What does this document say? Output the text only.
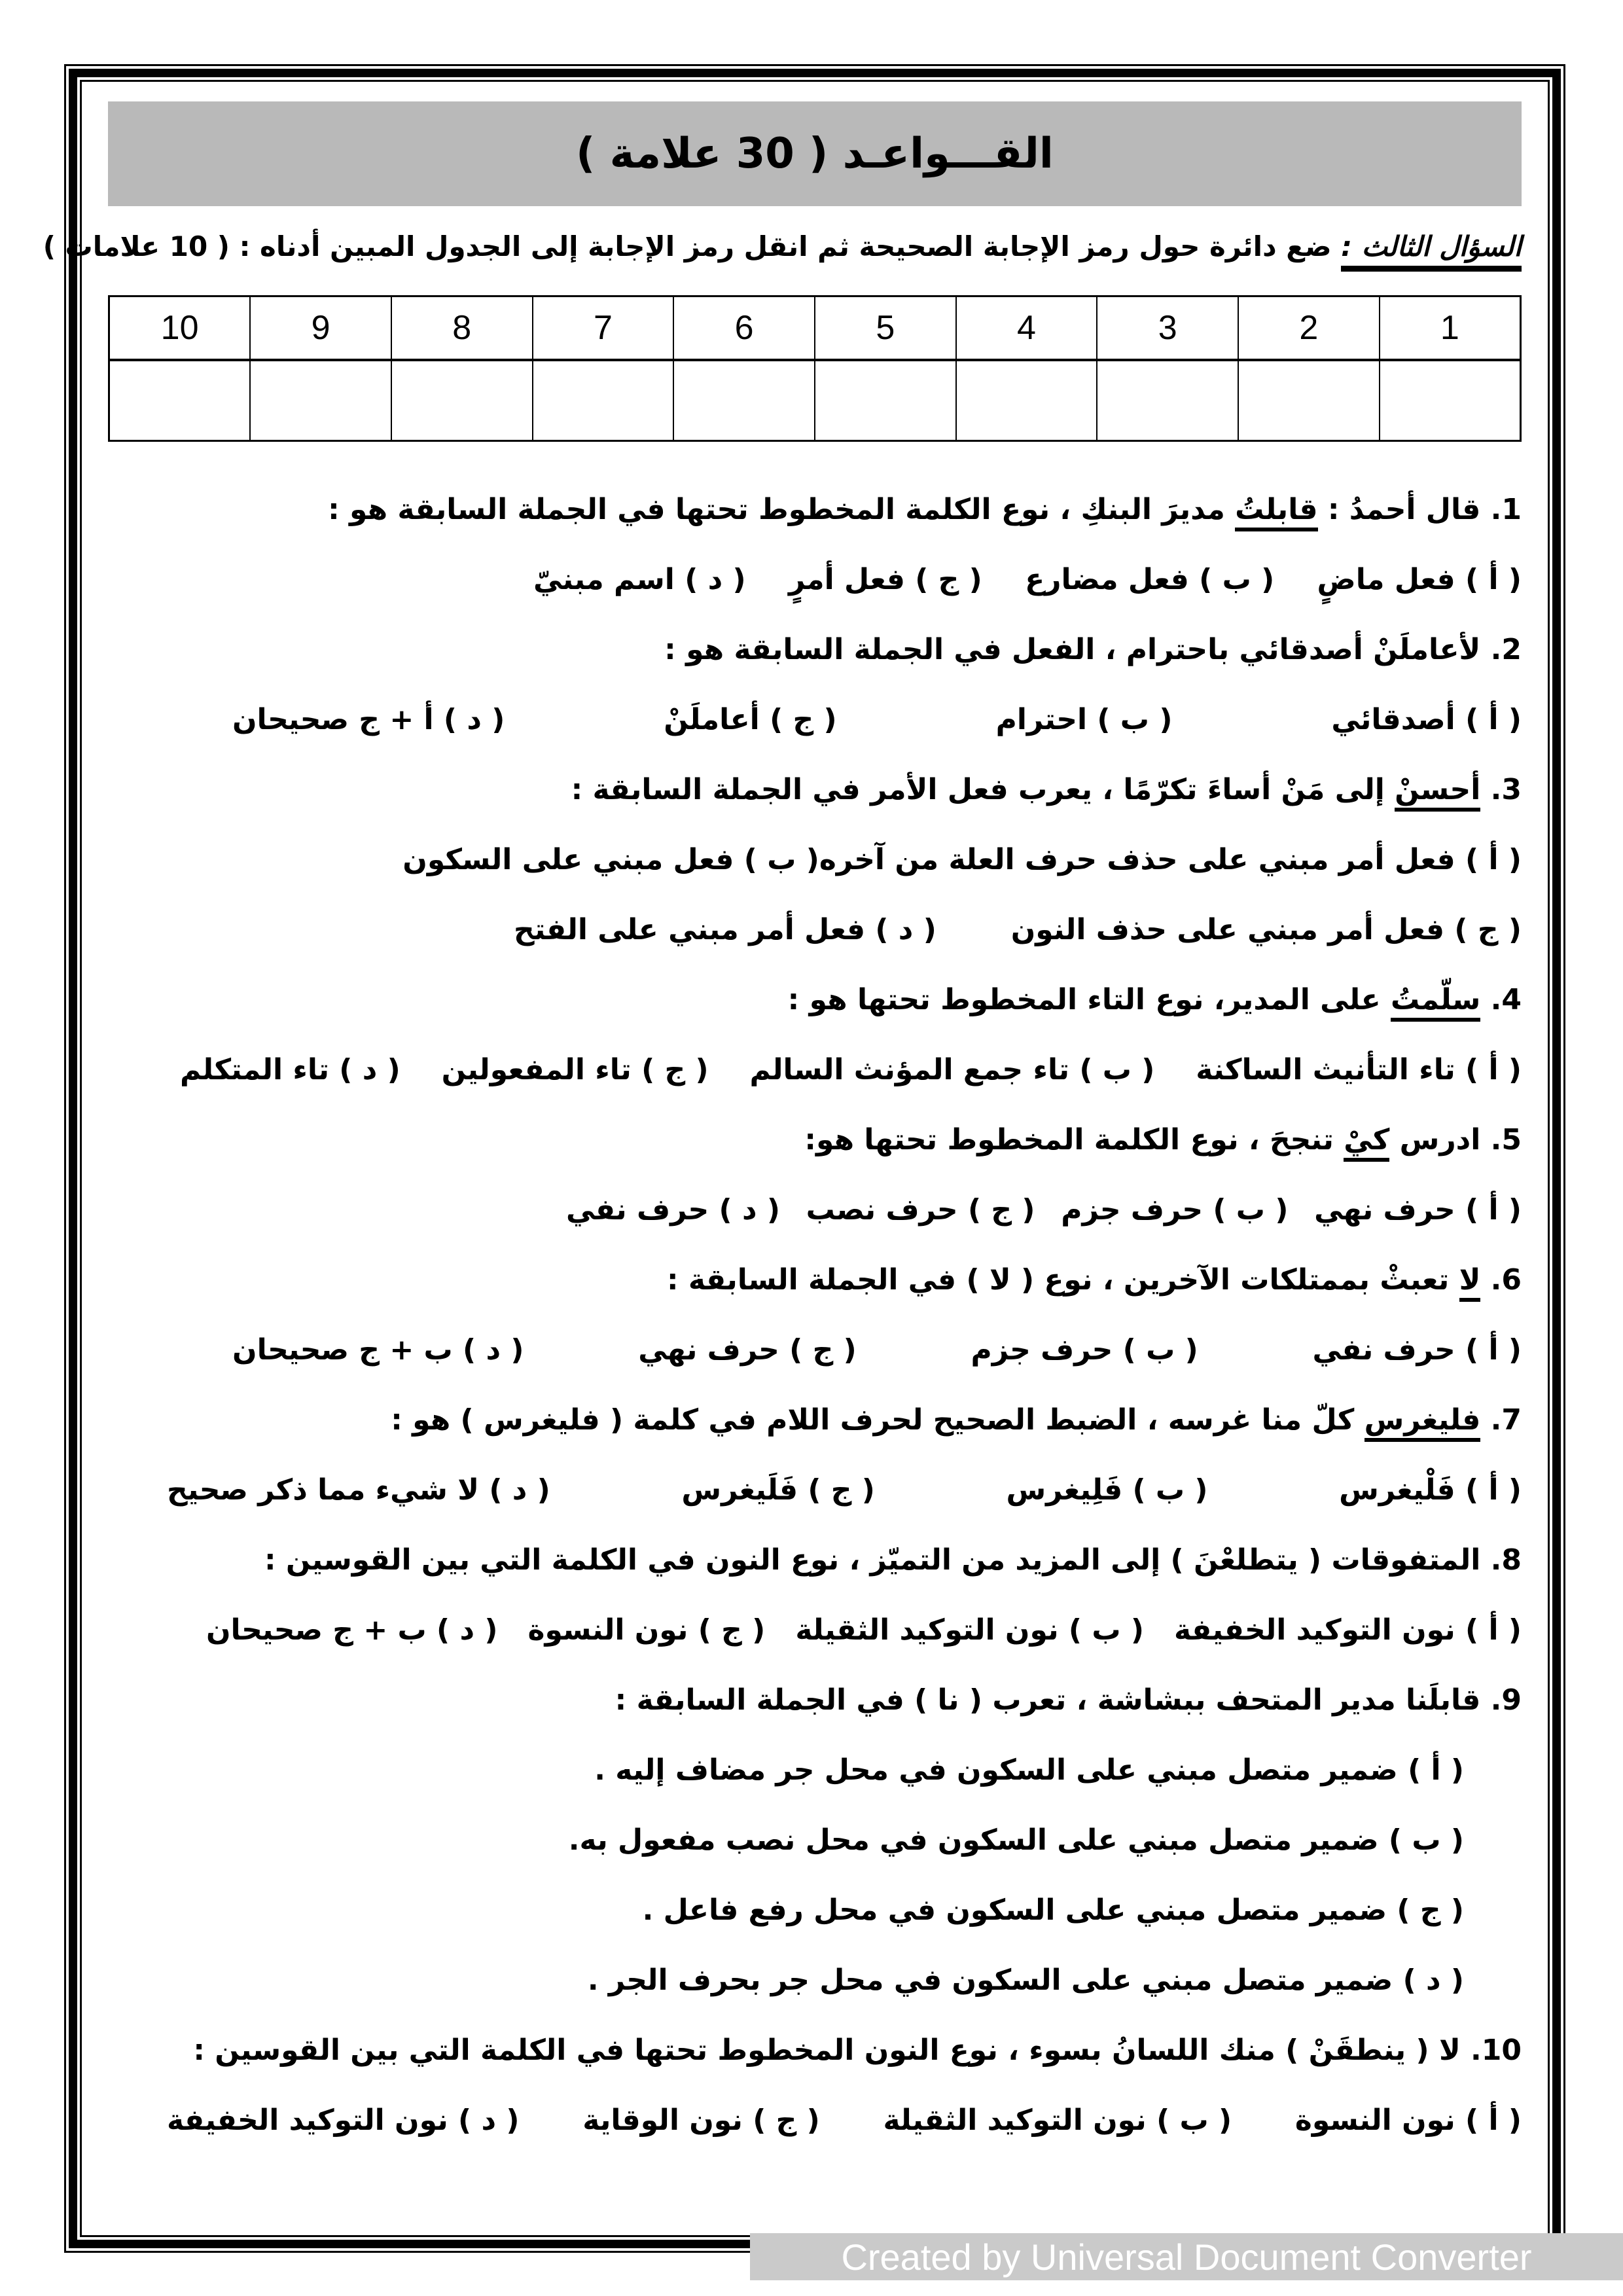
القـــواعـد ( 30 علامة )

السؤال الثالث : ضع دائرة حول رمز الإجابة الصحيحة ثم انقل رمز الإجابة إلى الجدول المبين أدناه : ( 10 علامات )

10	9	8	7	6	5	4	3	2	1

1. قال أحمدُ : قابلتُ مديرَ البنكِ ، نوع الكلمة المخطوط تحتها في الجملة السابقة هو :

( أ ) فعل ماضٍ
( ب ) فعل مضارع
( ج ) فعل أمرٍ
( د ) اسم مبنيّ

2. لأعاملَنْ أصدقائي باحترام ، الفعل في الجملة السابقة هو :

( أ ) أصدقائي
( ب ) احترام
( ج ) أعاملَنْ
( د ) أ + ج صحيحان

3. أحسنْ إلى مَنْ أساءَ تكرّمًا ، يعرب فعل الأمر في الجملة السابقة :

( أ ) فعل أمر مبني على حذف حرف العلة من آخره
( ب ) فعل مبني على السكون
( ج ) فعل أمر مبني على حذف النون
( د ) فعل أمر مبني على الفتح

4. سلّمتُ على المدير، نوع التاء المخطوط تحتها هو :

( أ ) تاء التأنيث الساكنة
( ب ) تاء جمع المؤنث السالم
( ج ) تاء المفعولين
( د ) تاء المتكلم

5. ادرس كيْ تنجحَ ، نوع الكلمة المخطوط تحتها هو:

( أ ) حرف نهي
( ب ) حرف جزم
( ج ) حرف نصب
( د ) حرف نفي

6. لا تعبثْ بممتلكات الآخرين ، نوع ( لا ) في الجملة السابقة :

( أ ) حرف نفي
( ب ) حرف جزم
( ج ) حرف نهي
( د ) ب + ج صحيحان

7. فليغرس كلّ منا غرسه ، الضبط الصحيح لحرف اللام في كلمة ( فليغرس ) هو :

( أ ) فَلْيغرس
( ب ) فَلِيغرس
( ج ) فَلَيغرس
( د ) لا شيء مما ذكر صحيح

8. المتفوقات ( يتطلعْنَ ) إلى المزيد من التميّز ، نوع النون في الكلمة التي بين القوسين :

( أ ) نون التوكيد الخفيفة
( ب ) نون التوكيد الثقيلة
( ج ) نون النسوة
( د ) ب + ج صحيحان

9. قابلَنا مدير المتحف ببشاشة ، تعرب ( نا ) في الجملة السابقة :

( أ ) ضمير متصل مبني على السكون في محل جر مضاف إليه .

( ب ) ضمير متصل مبني على السكون في محل نصب مفعول به.

( ج ) ضمير متصل مبني على السكون في محل رفع فاعل .

( د ) ضمير متصل مبني على السكون في محل جر بحرف الجر .

10. لا ( ينطقَنْ ) منك اللسانُ بسوء ، نوع النون المخطوط تحتها في الكلمة التي بين القوسين :

( أ ) نون النسوة
( ب ) نون التوكيد الثقيلة
( ج ) نون الوقاية
( د ) نون التوكيد الخفيفة
Created by Universal Document Converter
